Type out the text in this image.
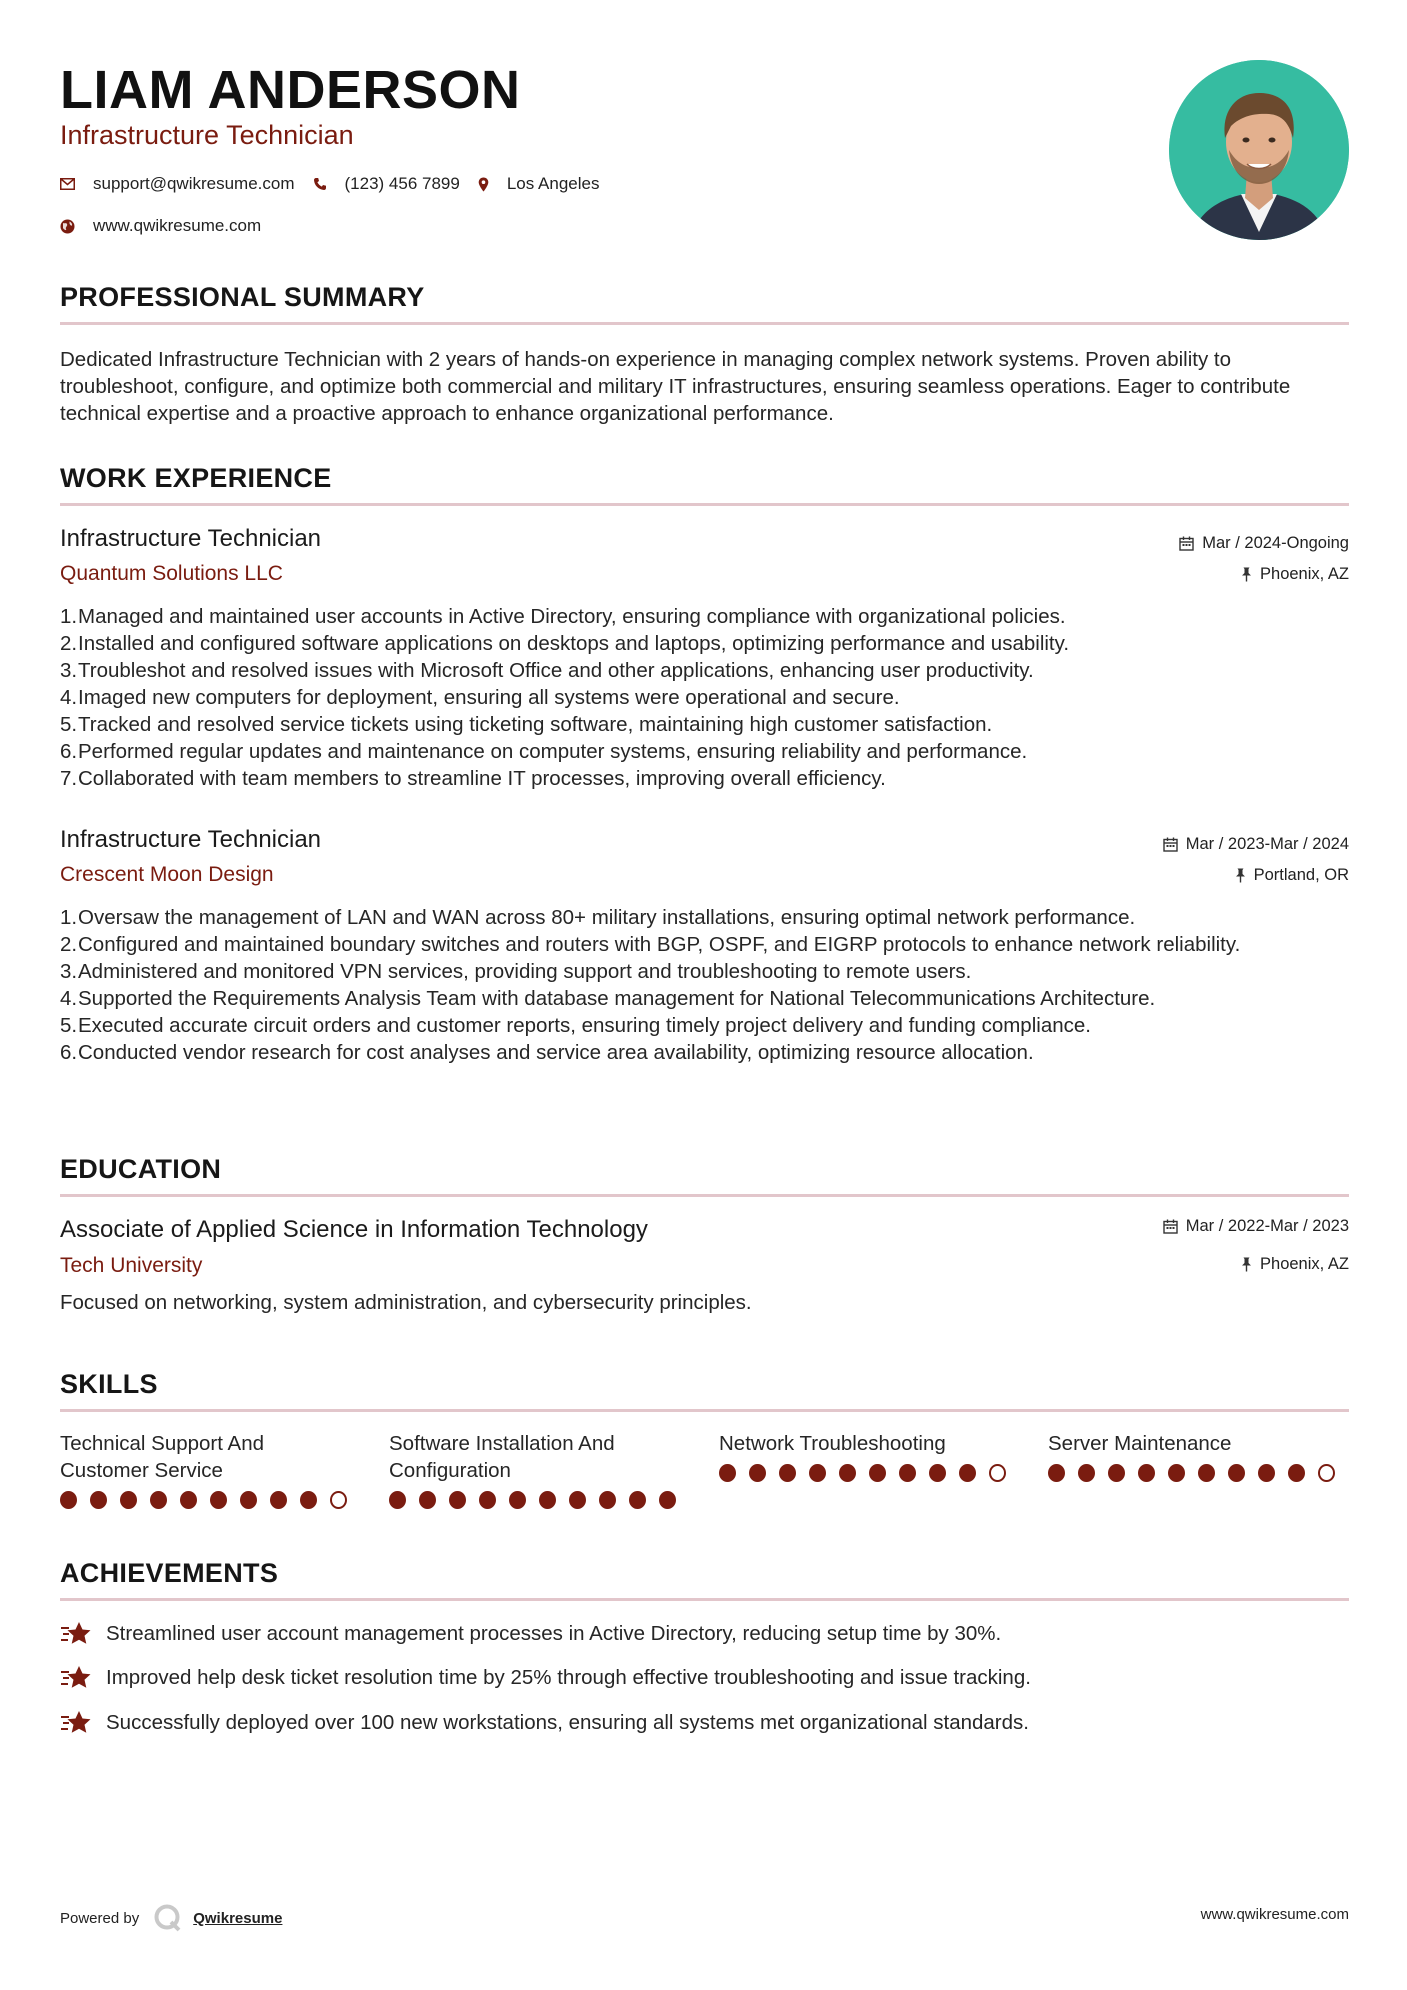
LIAM ANDERSON
Infrastructure Technician
support@qwikresume.com	(123) 456 7899	Los Angeles
www.qwikresume.com
PROFESSIONAL SUMMARY
Dedicated Infrastructure Technician with 2 years of hands-on experience in managing complex network systems. Proven ability to troubleshoot, configure, and optimize both commercial and military IT infrastructures, ensuring seamless operations. Eager to contribute technical expertise and a proactive approach to enhance organizational performance.
WORK EXPERIENCE
Infrastructure Technician
Quantum Solutions LLC
Mar / 2024-Ongoing
Phoenix, AZ
1. Managed and maintained user accounts in Active Directory, ensuring compliance with organizational policies.
2. Installed and configured software applications on desktops and laptops, optimizing performance and usability.
3. Troubleshot and resolved issues with Microsoft Office and other applications, enhancing user productivity.
4. Imaged new computers for deployment, ensuring all systems were operational and secure.
5. Tracked and resolved service tickets using ticketing software, maintaining high customer satisfaction.
6. Performed regular updates and maintenance on computer systems, ensuring reliability and performance.
7. Collaborated with team members to streamline IT processes, improving overall efficiency.
Infrastructure Technician
Crescent Moon Design
Mar / 2023-Mar / 2024
Portland, OR
1. Oversaw the management of LAN and WAN across 80+ military installations, ensuring optimal network performance.
2. Configured and maintained boundary switches and routers with BGP, OSPF, and EIGRP protocols to enhance network reliability.
3. Administered and monitored VPN services, providing support and troubleshooting to remote users.
4. Supported the Requirements Analysis Team with database management for National Telecommunications Architecture.
5. Executed accurate circuit orders and customer reports, ensuring timely project delivery and funding compliance.
6. Conducted vendor research for cost analyses and service area availability, optimizing resource allocation.
EDUCATION
Associate of Applied Science in Information Technology
Tech University
Mar / 2022-Mar / 2023
Phoenix, AZ
Focused on networking, system administration, and cybersecurity principles.
SKILLS
Technical Support And
Customer Service
Software Installation And
Configuration
Network Troubleshooting	Server Maintenance
ACHIEVEMENTS
Streamlined user account management processes in Active Directory, reducing setup time by 30%.
Improved help desk ticket resolution time by 25% through effective troubleshooting and issue tracking.
Successfully deployed over 100 new workstations, ensuring all systems met organizational standards.
Powered by	Qwikresume	www.qwikresume.com
